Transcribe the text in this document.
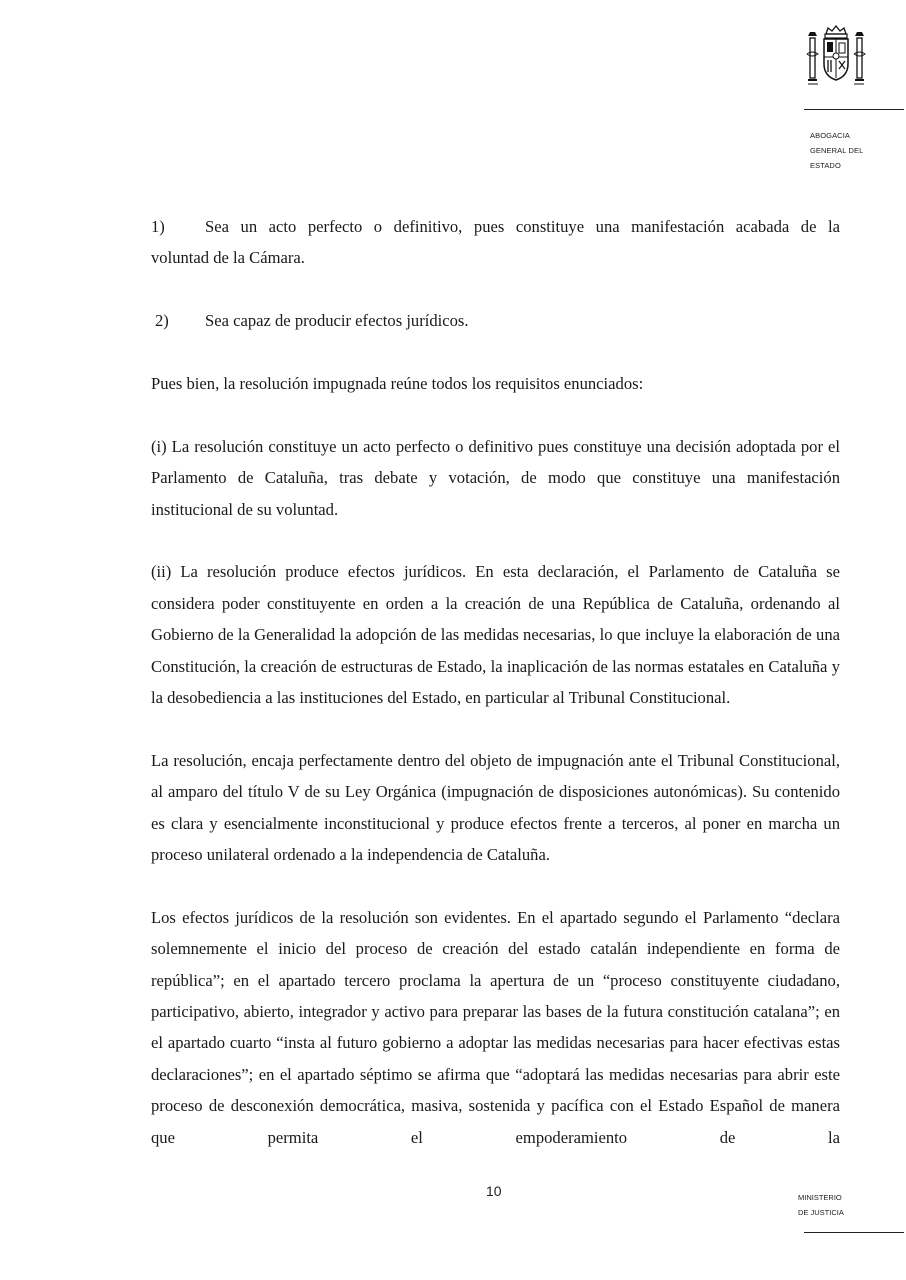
ABOGACIA
GENERAL DEL
ESTADO
1)	Sea un acto perfecto o definitivo, pues constituye una manifestación acabada de la
voluntad de la Cámara.
2)	Sea capaz de producir efectos jurídicos.

Pues bien, la resolución impugnada reúne todos los requisitos enunciados:

(i) La resolución constituye un acto perfecto o definitivo pues constituye una decisión adoptada por el Parlamento de Cataluña, tras debate y votación, de modo que constituye una manifestación institucional de su voluntad.

(ii) La resolución produce efectos jurídicos. En esta declaración, el Parlamento de Cataluña se considera poder constituyente en orden a la creación de una República de Cataluña, ordenando al Gobierno de la Generalidad la adopción de las medidas necesarias, lo que incluye la elaboración de una Constitución, la creación de estructuras de Estado, la inaplicación de las normas estatales en Cataluña y la desobediencia a las instituciones del Estado, en particular al Tribunal Constitucional.

La resolución, encaja perfectamente dentro del objeto de impugnación ante el Tribunal Constitucional, al amparo del título V de su Ley Orgánica (impugnación de disposiciones autonómicas). Su contenido es clara y esencialmente inconstitucional y produce efectos frente a terceros, al poner en marcha un proceso unilateral ordenado a la independencia de Cataluña.

Los efectos jurídicos de la resolución son evidentes. En el apartado segundo el Parlamento “declara solemnemente el inicio del proceso de creación del estado catalán independiente en forma de república”; en el apartado tercero proclama la apertura de un “proceso constituyente ciudadano, participativo, abierto, integrador y activo para preparar las bases de la futura constitución catalana”; en el apartado cuarto “insta al futuro gobierno a adoptar las medidas necesarias para hacer efectivas estas declaraciones”; en el apartado séptimo se afirma que “adoptará las medidas necesarias para abrir este proceso de desconexión democrática, masiva, sostenida y pacífica con el Estado Español de manera que permita el empoderamiento de la

10	MINISTERIO
DE JUSTICIA
